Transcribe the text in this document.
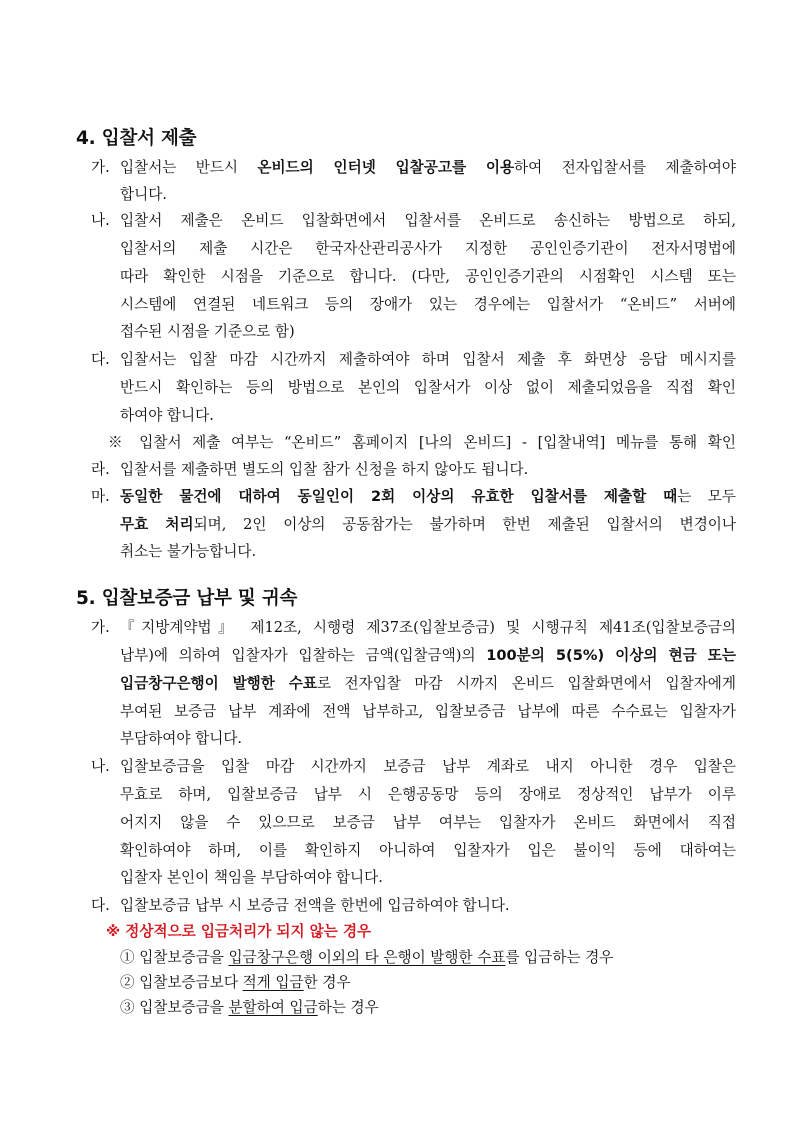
4. 입찰서 제출
가. 입찰서는 반드시 온비드의 인터넷 입찰공고를 이용하여 전자입찰서를 제출하여야
합니다.
나. 입찰서 제출은 온비드 입찰화면에서 입찰서를 온비드로 송신하는 방법으로 하되,
입찰서의 제출 시간은 한국자산관리공사가 지정한 공인인증기관이 전자서명법에
따라 확인한 시점을 기준으로 합니다. (다만, 공인인증기관의 시점확인 시스템 또는
시스템에 연결된 네트워크 등의 장애가 있는 경우에는 입찰서가 “온비드” 서버에
접수된 시점을 기준으로 함)
다. 입찰서는 입찰 마감 시간까지 제출하여야 하며 입찰서 제출 후 화면상 응답 메시지를
반드시 확인하는 등의 방법으로 본인의 입찰서가 이상 없이 제출되었음을 직접 확인
하여야 합니다.
※ 입찰서 제출 여부는 “온비드” 홈페이지 [나의 온비드] - [입찰내역] 메뉴를 통해 확인
라. 입찰서를 제출하면 별도의 입찰 참가 신청을 하지 않아도 됩니다.
마. 동일한 물건에 대하여 동일인이 2회 이상의 유효한 입찰서를 제출할 때는 모두
무효 처리되며, 2인 이상의 공동참가는 불가하며 한번 제출된 입찰서의 변경이나
취소는 불가능합니다.
5. 입찰보증금 납부 및 귀속
가. 『지방계약법』 제12조, 시행령 제37조(입찰보증금) 및 시행규칙 제41조(입찰보증금의
납부)에 의하여 입찰자가 입찰하는 금액(입찰금액)의 100분의 5(5%) 이상의 현금 또는
입금창구은행이 발행한 수표로 전자입찰 마감 시까지 온비드 입찰화면에서 입찰자에게
부여된 보증금 납부 계좌에 전액 납부하고, 입찰보증금 납부에 따른 수수료는 입찰자가
부담하여야 합니다.
나. 입찰보증금을 입찰 마감 시간까지 보증금 납부 계좌로 내지 아니한 경우 입찰은
무효로 하며, 입찰보증금 납부 시 은행공동망 등의 장애로 정상적인 납부가 이루
어지지 않을 수 있으므로 보증금 납부 여부는 입찰자가 온비드 화면에서 직접
확인하여야 하며, 이를 확인하지 아니하여 입찰자가 입은 불이익 등에 대하여는
입찰자 본인이 책임을 부담하여야 합니다.
다. 입찰보증금 납부 시 보증금 전액을 한번에 입금하여야 합니다.
※ 정상적으로 입금처리가 되지 않는 경우
① 입찰보증금을 입금창구은행 이외의 타 은행이 발행한 수표를 입금하는 경우
② 입찰보증금보다 적게 입금한 경우
③ 입찰보증금을 분할하여 입금하는 경우
